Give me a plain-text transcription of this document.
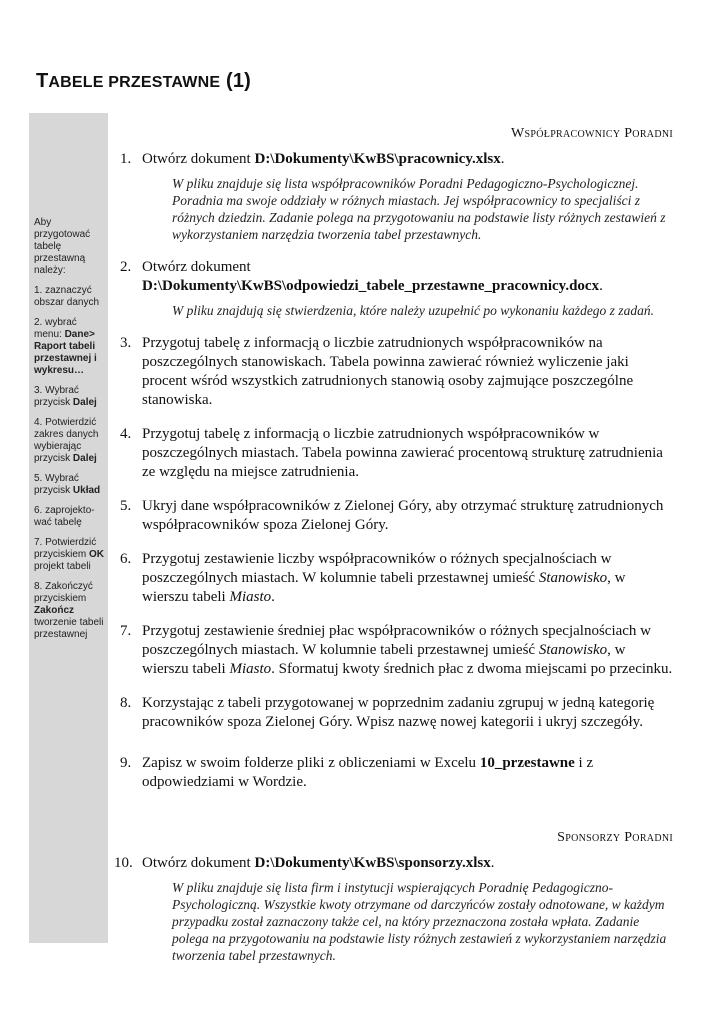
TABELE PRZESTAWNE (1)

Aby przygotować tabelę przestawną należy:

1. zaznaczyć obszar danych

2. wybrać menu: Dane> Raport tabeli przestawnej i wykresu…

3. Wybrać przycisk Dalej

4. Potwierdzić zakres danych wybierając przycisk Dalej

5. Wybrać przycisk Układ

6. zaprojekto-wać tabelę

7. Potwierdzić przyciskiem OK projekt tabeli

8. Zakończyć przyciskiem Zakończ tworzenie tabeli przestawnej

Współpracownicy Poradni
1. Otwórz dokument D:\Dokumenty\KwBS\pracownicy.xlsx.
W pliku znajduje się lista współpracowników Poradni Pedagogiczno-Psychologicznej. Poradnia ma swoje oddziały w różnych miastach. Jej współpracownicy to specjaliści z różnych dziedzin. Zadanie polega na przygotowaniu na podstawie listy różnych zestawień z wykorzystaniem narzędzia tworzenia tabel przestawnych.
2. Otwórz dokument
D:\Dokumenty\KwBS\odpowiedzi_tabele_przestawne_pracownicy.docx.
W pliku znajdują się stwierdzenia, które należy uzupełnić po wykonaniu każdego z zadań.
3. Przygotuj tabelę z informacją o liczbie zatrudnionych współpracowników na poszczególnych stanowiskach. Tabela powinna zawierać również wyliczenie jaki procent wśród wszystkich zatrudnionych stanowią osoby zajmujące poszczególne stanowiska.
4. Przygotuj tabelę z informacją o liczbie zatrudnionych współpracowników w poszczególnych miastach. Tabela powinna zawierać procentową strukturę zatrudnienia ze względu na miejsce zatrudnienia.
5. Ukryj dane współpracowników z Zielonej Góry, aby otrzymać strukturę zatrudnionych współpracowników spoza Zielonej Góry.
6. Przygotuj zestawienie liczby współpracowników o różnych specjalnościach w poszczególnych miastach. W kolumnie tabeli przestawnej umieść Stanowisko, w wierszu tabeli Miasto.
7. Przygotuj zestawienie średniej płac współpracowników o różnych specjalnościach w poszczególnych miastach. W kolumnie tabeli przestawnej umieść Stanowisko, w wierszu tabeli Miasto. Sformatuj kwoty średnich płac z dwoma miejscami po przecinku.
8. Korzystając z tabeli przygotowanej w poprzednim zadaniu zgrupuj w jedną kategorię pracowników spoza Zielonej Góry. Wpisz nazwę nowej kategorii i ukryj szczegóły.
9. Zapisz w swoim folderze pliki z obliczeniami w Excelu 10_przestawne i z odpowiedziami w Wordzie.
Sponsorzy Poradni
10. Otwórz dokument D:\Dokumenty\KwBS\sponsorzy.xlsx.
W pliku znajduje się lista firm i instytucji wspierających Poradnię Pedagogiczno-Psychologiczną. Wszystkie kwoty otrzymane od darczyńców zostały odnotowane, w każdym przypadku został zaznaczony także cel, na który przeznaczona została wpłata. Zadanie polega na przygotowaniu na podstawie listy różnych zestawień z wykorzystaniem narzędzia tworzenia tabel przestawnych.
